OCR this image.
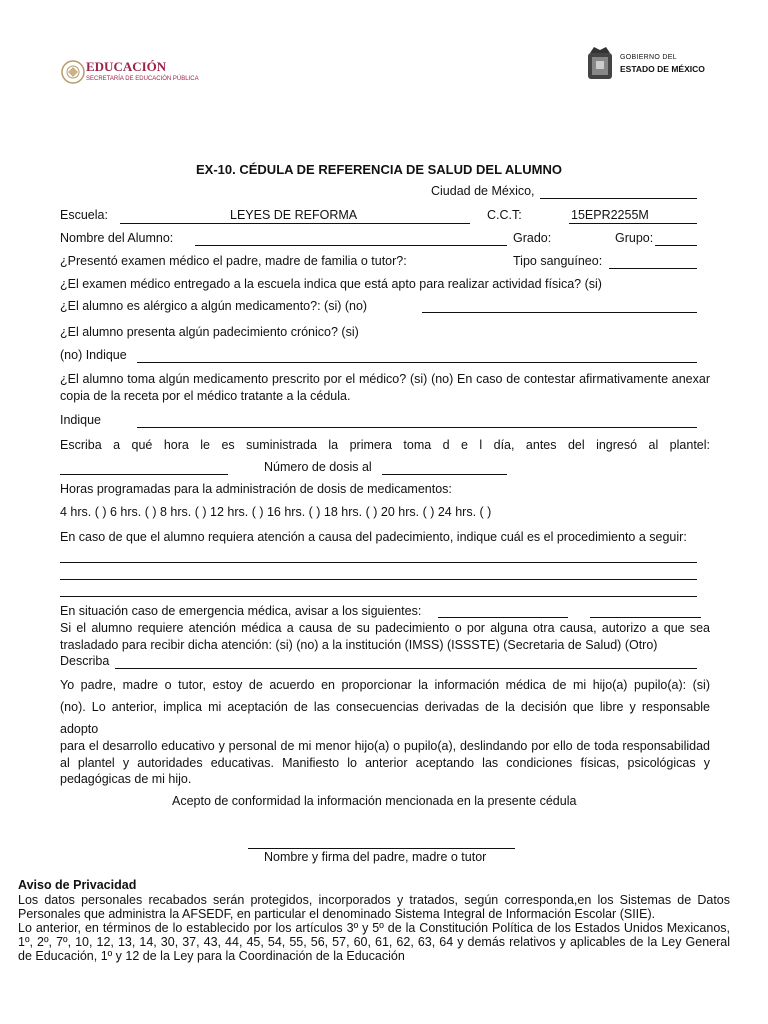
EDUCACIÓN
SECRETARÍA DE EDUCACIÓN PÚBLICA
GOBIERNO DEL
ESTADO DE MÉXICO
EX-10. CÉDULA DE REFERENCIA DE SALUD DEL ALUMNO
Ciudad de México,
Escuela:	LEYES DE REFORMA	C.C.T:	15EPR2255M
Nombre del Alumno:	Grado:	Grupo:
¿Presentó examen médico el padre, madre de familia o tutor?:	Tipo sanguíneo:
¿El examen médico entregado a la escuela indica que está apto para realizar actividad física? (si)
¿El alumno es alérgico a algún medicamento?: (si) (no)
¿El alumno presenta algún padecimiento crónico? (si)
(no) Indique
¿El alumno toma algún medicamento prescrito por el médico? (si) (no) En caso de contestar afirmativamente anexar copia de la receta por el médico tratante a la cédula.
Indique
Escriba a qué hora le es suministrada la primera toma d e l día, antes del ingresó al plantel:
Número de dosis al
Horas programadas para la administración de dosis de medicamentos:
4 hrs. ( ) 6 hrs. ( ) 8 hrs. ( ) 12 hrs. ( ) 16 hrs. ( ) 18 hrs. ( ) 20 hrs. ( ) 24 hrs. ( )
En caso de que el alumno requiera atención a causa del padecimiento, indique cuál es el procedimiento a seguir:
En situación caso de emergencia médica, avisar a los siguientes:
Si el alumno requiere atención médica a causa de su padecimiento o por alguna otra causa, autorizo a que sea trasladado para recibir dicha atención: (si) (no) a la institución (IMSS) (ISSSTE) (Secretaria de Salud) (Otro)
Describa
Yo padre, madre o tutor, estoy de acuerdo en proporcionar la información médica de mi hijo(a) pupilo(a): (si)
(no). Lo anterior, implica mi aceptación de las consecuencias derivadas de la decisión que libre y responsable
adopto
para el desarrollo educativo y personal de mi menor hijo(a) o pupilo(a), deslindando por ello de toda responsabilidad al plantel y autoridades educativas. Manifiesto lo anterior aceptando las condiciones físicas, psicológicas y pedagógicas de mi hijo.
Acepto de conformidad la información mencionada en la presente cédula
Nombre y firma del padre, madre o tutor
Aviso de Privacidad
Los datos personales recabados serán protegidos, incorporados y tratados, según corresponda,en los Sistemas de Datos Personales que administra la AFSEDF, en particular el denominado Sistema Integral de Información Escolar (SIIE).
Lo anterior, en términos de lo establecido por los artículos 3º y 5º de la Constitución Política de los Estados Unidos Mexicanos, 1º, 2º, 7º, 10, 12, 13, 14, 30, 37, 43, 44, 45, 54, 55, 56, 57, 60, 61, 62, 63, 64 y demás relativos y aplicables de la Ley General de Educación, 1º y 12 de la Ley para la Coordinación de la Educación
